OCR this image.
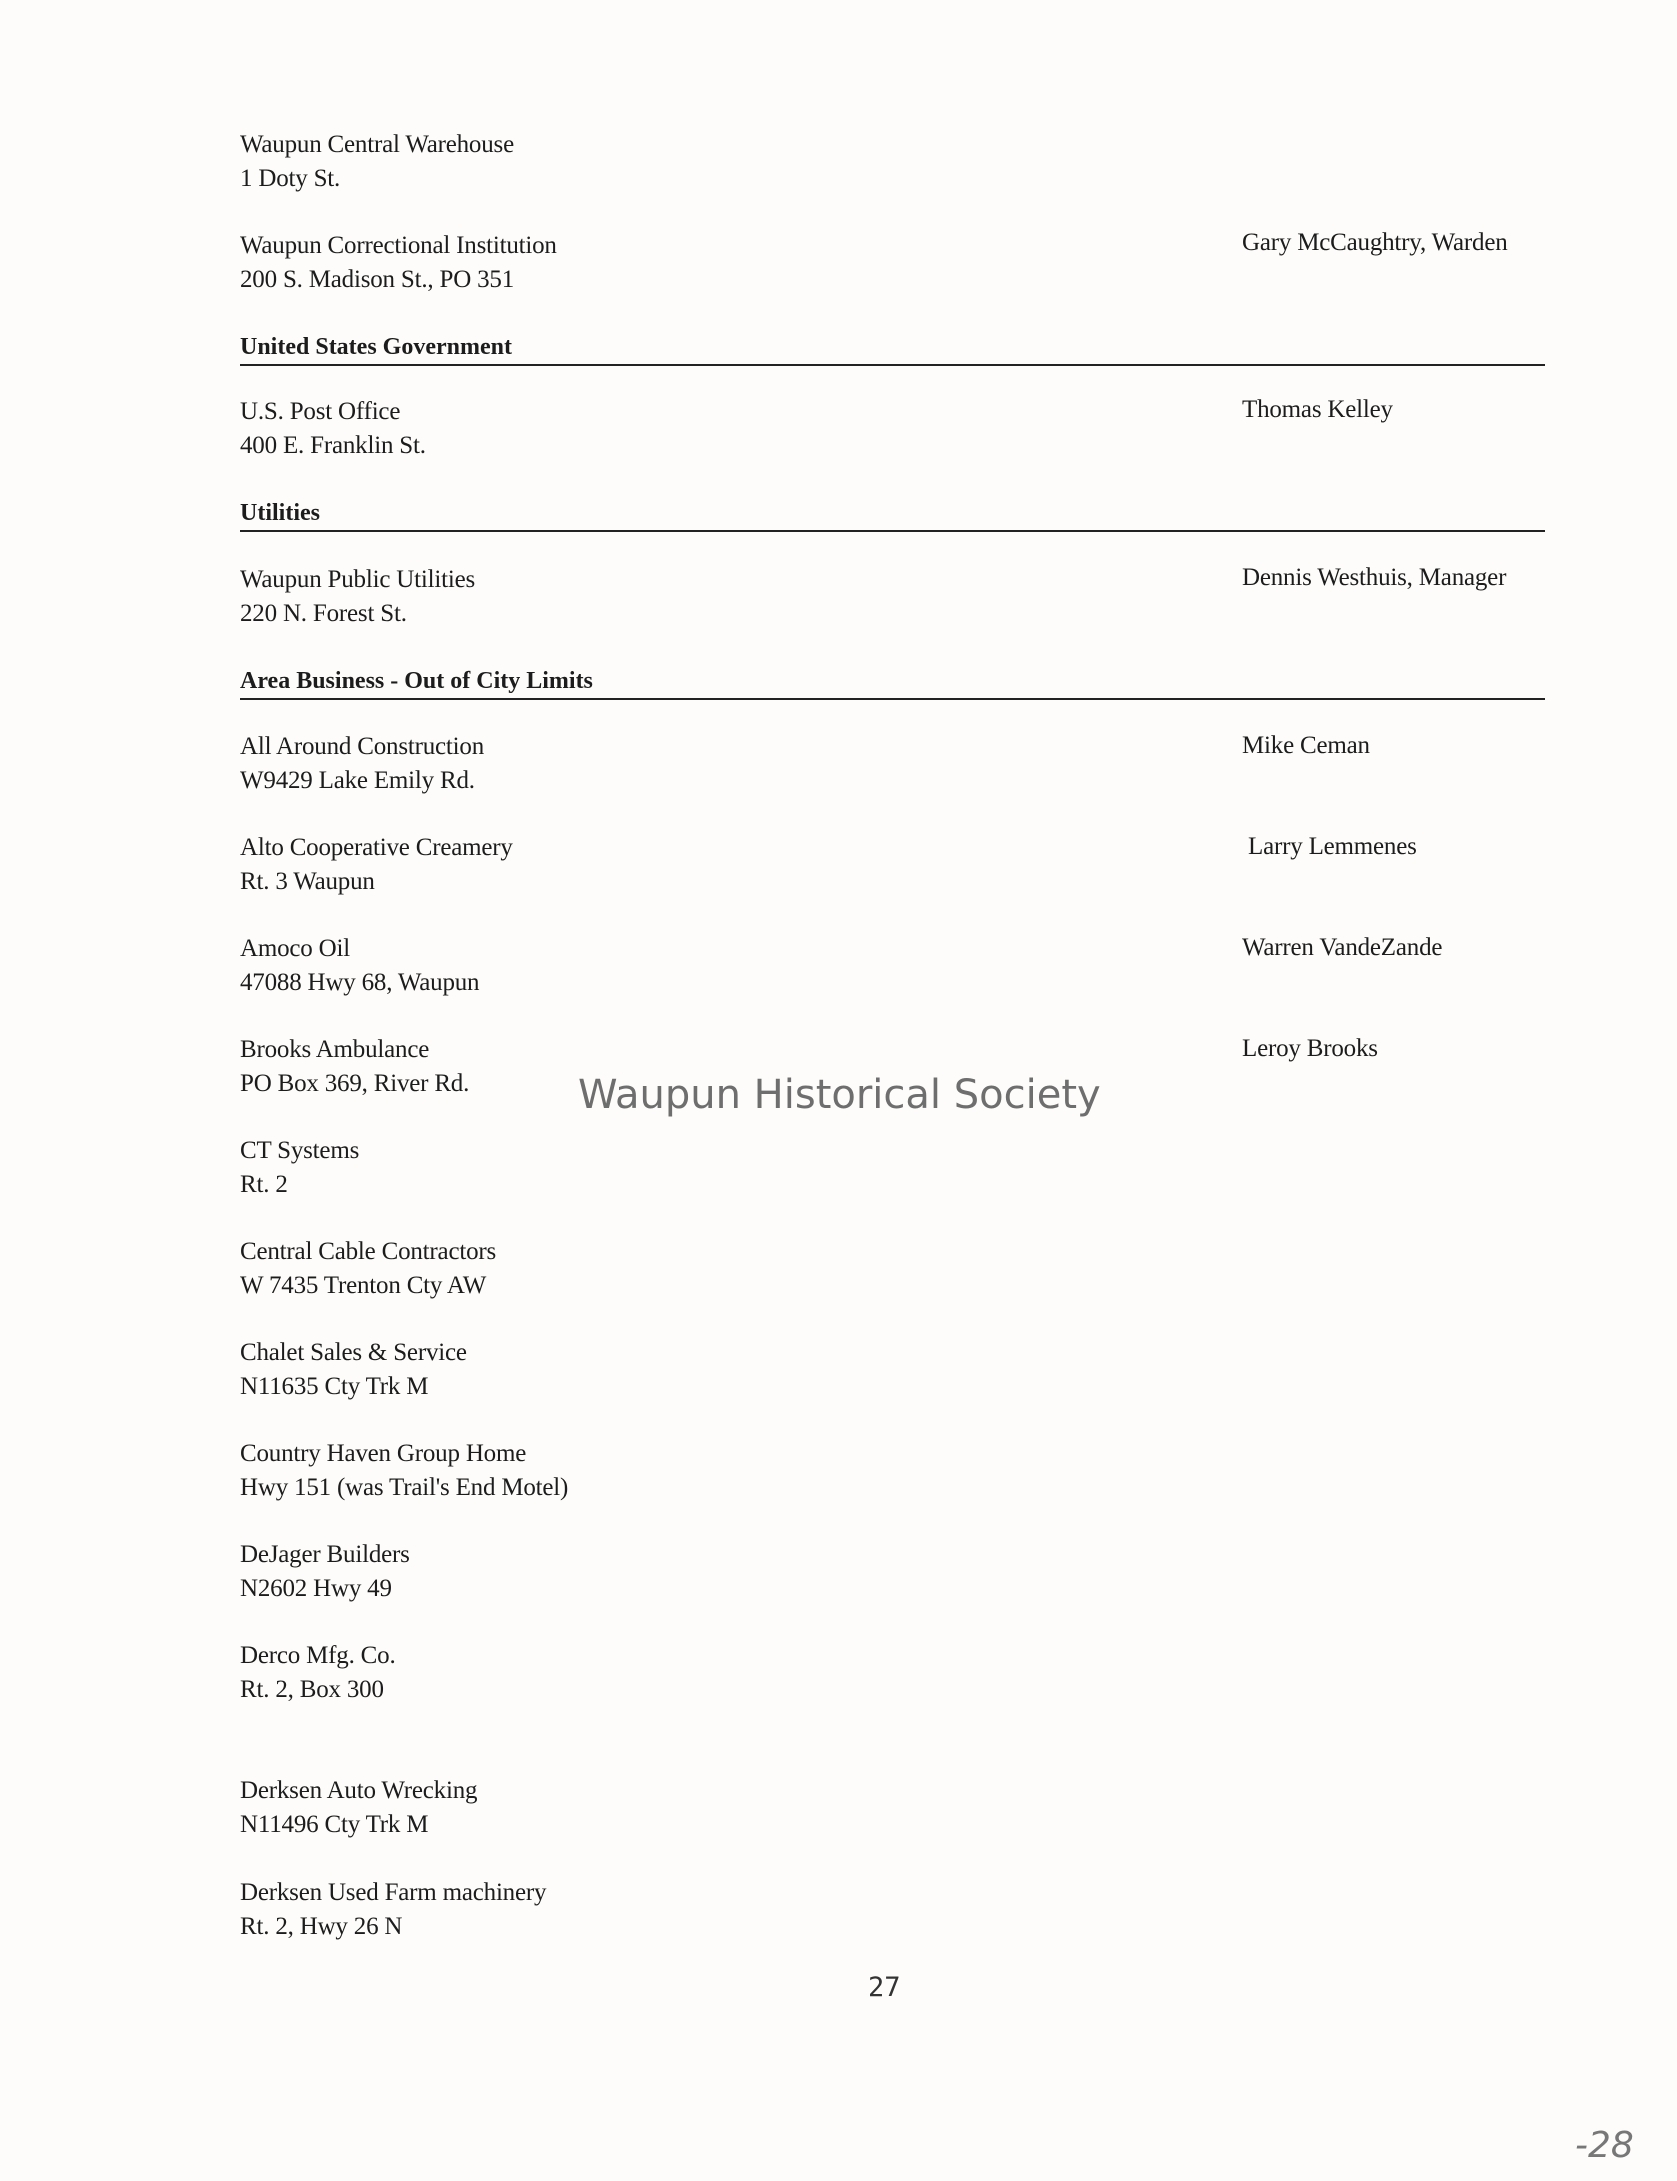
Waupun Central Warehouse
1 Doty St.
Waupun Correctional Institution
200 S. Madison St., PO 351
United States Government
U.S. Post Office
400 E. Franklin St.
Utilities
Waupun Public Utilities
220 N. Forest St.
Area Business - Out of City Limits
All Around Construction
W9429 Lake Emily Rd.
Alto Cooperative Creamery
Rt. 3 Waupun
Amoco Oil
47088 Hwy 68, Waupun
Brooks Ambulance
PO Box 369, River Rd.
CT Systems
Rt. 2
Central Cable Contractors
W 7435 Trenton Cty AW
Chalet Sales & Service
N11635 Cty Trk M
Country Haven Group Home
Hwy 151 (was Trail's End Motel)
DeJager Builders
N2602 Hwy 49
Derco Mfg. Co.
Rt. 2, Box 300
Derksen Auto Wrecking
N11496 Cty Trk M
Derksen Used Farm machinery
Rt. 2, Hwy 26 N
Gary McCaughtry, Warden
Thomas Kelley
Dennis Westhuis, Manager
Mike Ceman
Larry Lemmenes
Warren VandeZande
Leroy Brooks
Waupun Historical Society
27
-28
